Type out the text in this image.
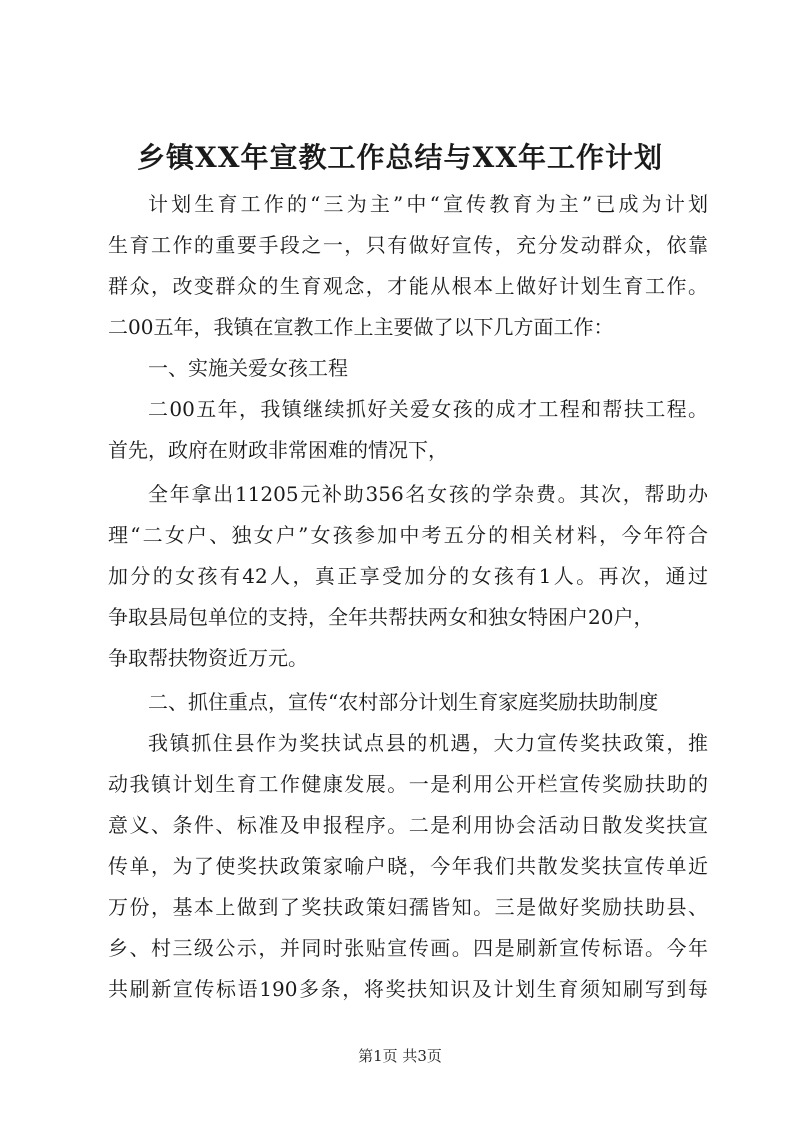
乡镇XX年宣教工作总结与XX年工作计划
计划生育工作的“三为主”中“宣传教育为主”已成为计划
生育工作的重要手段之一，只有做好宣传，充分发动群众，依靠
群众，改变群众的生育观念，才能从根本上做好计划生育工作。
二00五年，我镇在宣教工作上主要做了以下几方面工作：
一、实施关爱女孩工程
二00五年，我镇继续抓好关爱女孩的成才工程和帮扶工程。
首先，政府在财政非常困难的情况下，
全年拿出11205元补助356名女孩的学杂费。其次，帮助办
理“二女户、独女户”女孩参加中考五分的相关材料，今年符合
加分的女孩有42人，真正享受加分的女孩有1人。再次，通过
争取县局包单位的支持，全年共帮扶两女和独女特困户20户，
争取帮扶物资近万元。
二、抓住重点，宣传“农村部分计划生育家庭奖励扶助制度
我镇抓住县作为奖扶试点县的机遇，大力宣传奖扶政策，推
动我镇计划生育工作健康发展。一是利用公开栏宣传奖励扶助的
意义、条件、标准及申报程序。二是利用协会活动日散发奖扶宣
传单，为了使奖扶政策家喻户晓，今年我们共散发奖扶宣传单近
万份，基本上做到了奖扶政策妇孺皆知。三是做好奖励扶助县、
乡、村三级公示，并同时张贴宣传画。四是刷新宣传标语。今年
共刷新宣传标语190多条，将奖扶知识及计划生育须知刷写到每
第1页 共3页
